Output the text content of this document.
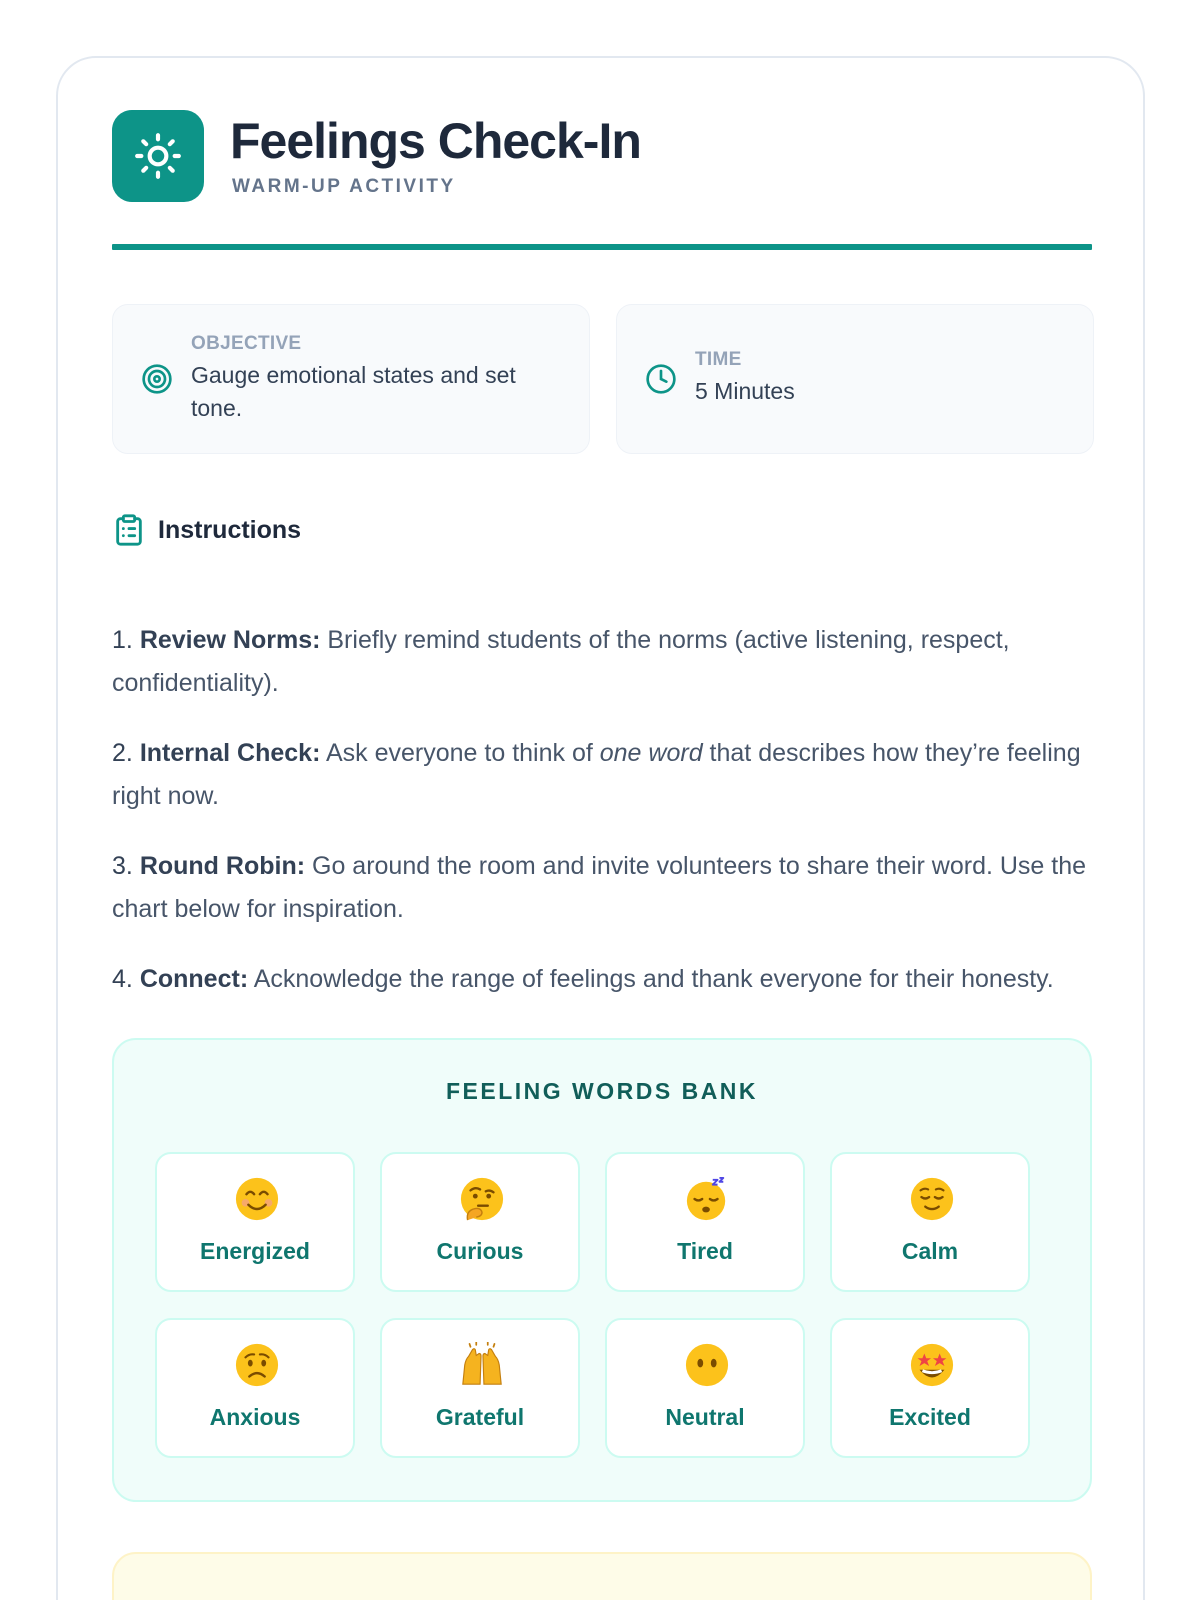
Feelings Check-In
WARM-UP ACTIVITY
OBJECTIVE
Gauge emotional states and set tone.
TIME
5 Minutes
Instructions

1. Review Norms: Briefly remind students of the norms (active listening, respect, confidentiality).

2. Internal Check: Ask everyone to think of one word that describes how they’re feeling right now.

3. Round Robin: Go around the room and invite volunteers to share their word. Use the chart below for inspiration.

4. Connect: Acknowledge the range of feelings and thank everyone for their honesty.

FEELING WORDS BANK
Energized	Curious	Tired	Calm
Anxious	Grateful	Neutral	Excited
